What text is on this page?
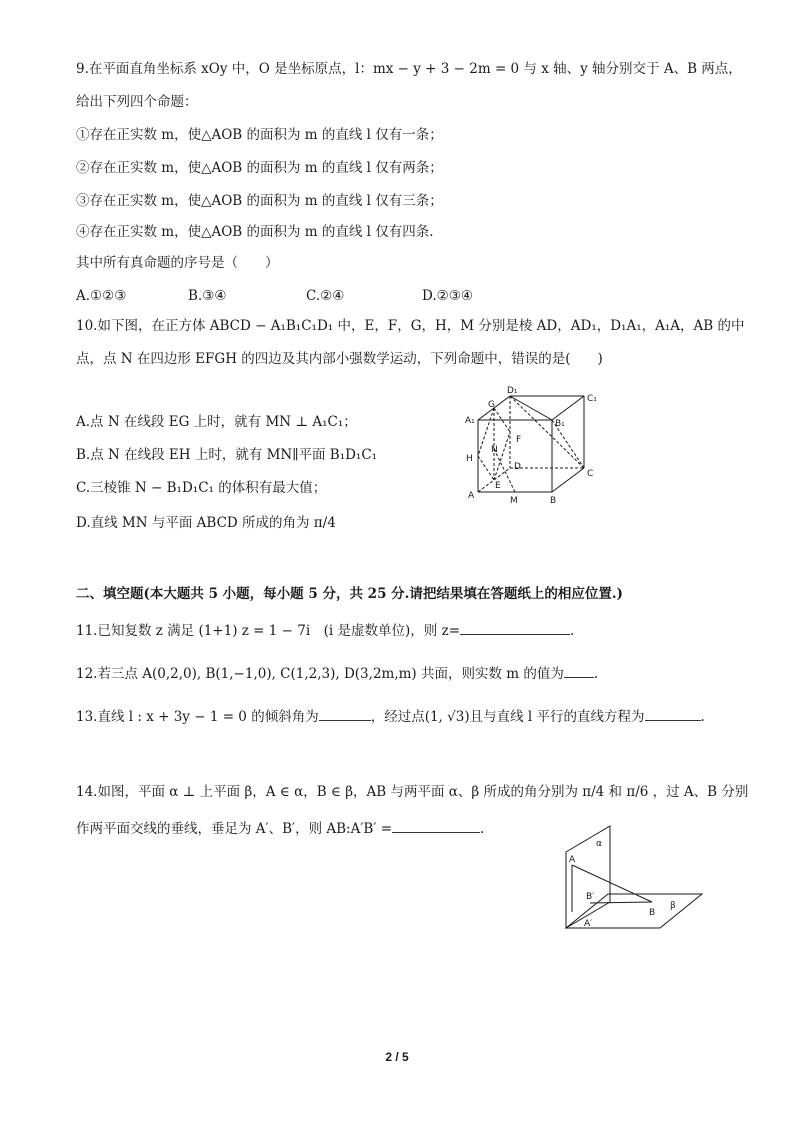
9.在平面直角坐标系 xOy 中，O 是坐标原点，l：mx − y + 3 − 2m = 0 与 x 轴、y 轴分别交于 A、B 两点，
给出下列四个命题：
①存在正实数 m，使△AOB 的面积为 m 的直线 l 仅有一条；
②存在正实数 m，使△AOB 的面积为 m 的直线 l 仅有两条；
③存在正实数 m，使△AOB 的面积为 m 的直线 l 仅有三条；
④存在正实数 m，使△AOB 的面积为 m 的直线 l 仅有四条.
其中所有真命题的序号是（　　）
A.①②③	B.③④	C.②④	D.②③④
10.如下图，在正方体 ABCD − A₁B₁C₁D₁ 中，E，F，G，H，M 分别是棱 AD，AD₁，D₁A₁，A₁A，AB 的中
点，点 N 在四边形 EFGH 的四边及其内部小强数学运动，下列命题中，错误的是(　　)
A.点 N 在线段 EG 上时，就有 MN ⊥ A₁C₁；
B.点 N 在线段 EH 上时，就有 MN∥平面 B₁D₁C₁
C.三棱锥 N − B₁D₁C₁ 的体积有最大值；
D.直线 MN 与平面 ABCD 所成的角为 π/4
D₁
C₁
G
A₁	B₁
F
N
H
D
C
E
A	M	B
二、填空题(本大题共 5 小题，每小题 5 分，共 25 分.请把结果填在答题纸上的相应位置.)
11.已知复数 z 满足 (1+1) z = 1 − 7i　(i 是虚数单位)，则 z=	.
12.若三点 A(0,2,0), B(1,−1,0), C(1,2,3), D(3,2m,m) 共面，则实数 m 的值为 .
13.直线 l : x + 3y − 1 = 0 的倾斜角为	，经过点(1, √3)且与直线 l 平行的直线方程为	.
14.如图，平面 α ⊥ 上平面 β，A ∈ α，B ∈ β，AB 与两平面 α、β 所成的角分别为 π/4 和 π/6 ，过 A、B 分别
作两平面交线的垂线，垂足为 A′、B′，则 AB:A′B′ =	.
α
A
B′
B
β
A′
2 / 5
